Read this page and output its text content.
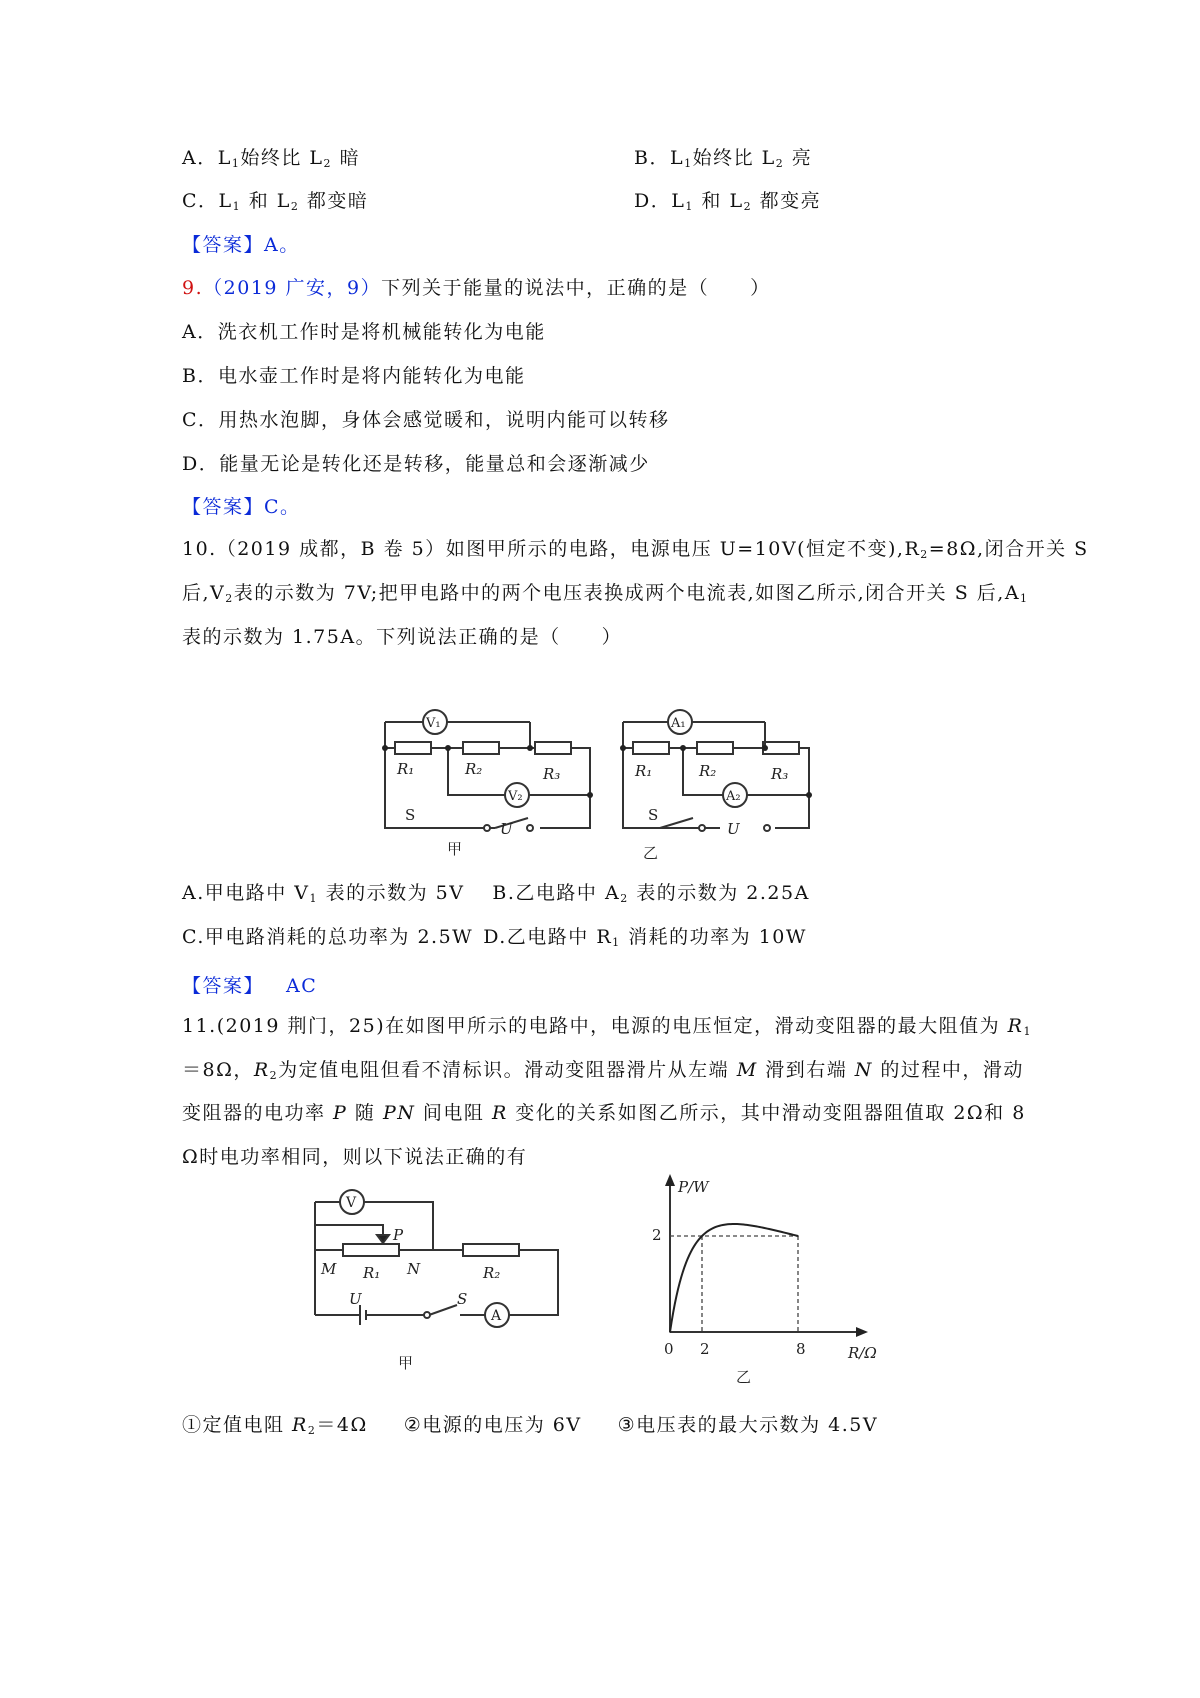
A．$L_1$始终比 $L_2$ 暗	B．$L_1$始终比 $L_2$ 亮
C．$L_1$ 和 $L_2$ 都变暗	D．$L_1$ 和 $L_2$ 都变亮
【答案】A。
9.（2019 广安，9）下列关于能量的说法中，正确的是（　　）
A．洗衣机工作时是将机械能转化为电能
B．电水壶工作时是将内能转化为电能
C．用热水泡脚，身体会感觉暖和，说明内能可以转移
D．能量无论是转化还是转移，能量总和会逐渐减少
【答案】C。
10.（2019 成都，B 卷 5）如图甲所示的电路，电源电压 U=10V(恒定不变)$,R_2=8\Omega$,闭合开关 S
后$,V_2$表的示数为 7V;把甲电路中的两个电压表换成两个电流表,如图乙所示,闭合开关 S 后$,A_1$
表的示数为 1.75A。下列说法正确的是（　　）
V₁
V₂
A₁
A₂
R₁	R₂	R₃
S
U
甲
R₁	R₂	R₃
S
U
乙
A.甲电路中 $V_1$ 表的示数为 5V B.乙电路中 $A_2$ 表的示数为 2.25A
C.甲电路消耗的总功率为 2.5W D.乙电路中 $R_1$ 消耗的功率为 10W
【答案】 AC
11.(2019 荆门，25)在如图甲所示的电路中，电源的电压恒定，滑动变阻器的最大阻值为 $R_1$
＝8Ω，$R_2$为定值电阻但看不清标识。滑动变阻器滑片从左端 M 滑到右端 N 的过程中，滑动
变阻器的电功率 P 随 PN 间电阻 R 变化的关系如图乙所示，其中滑动变阻器阻值取 2Ω和 8
Ω时电功率相同，则以下说法正确的有
V
P
M	N
R₁	R₂
U	S
A
甲
P/W
R/Ω
0
2
2	8
乙
①定值电阻 $R_2=4\Omega$ ②电源的电压为 6V ③电压表的最大示数为 4.5V
